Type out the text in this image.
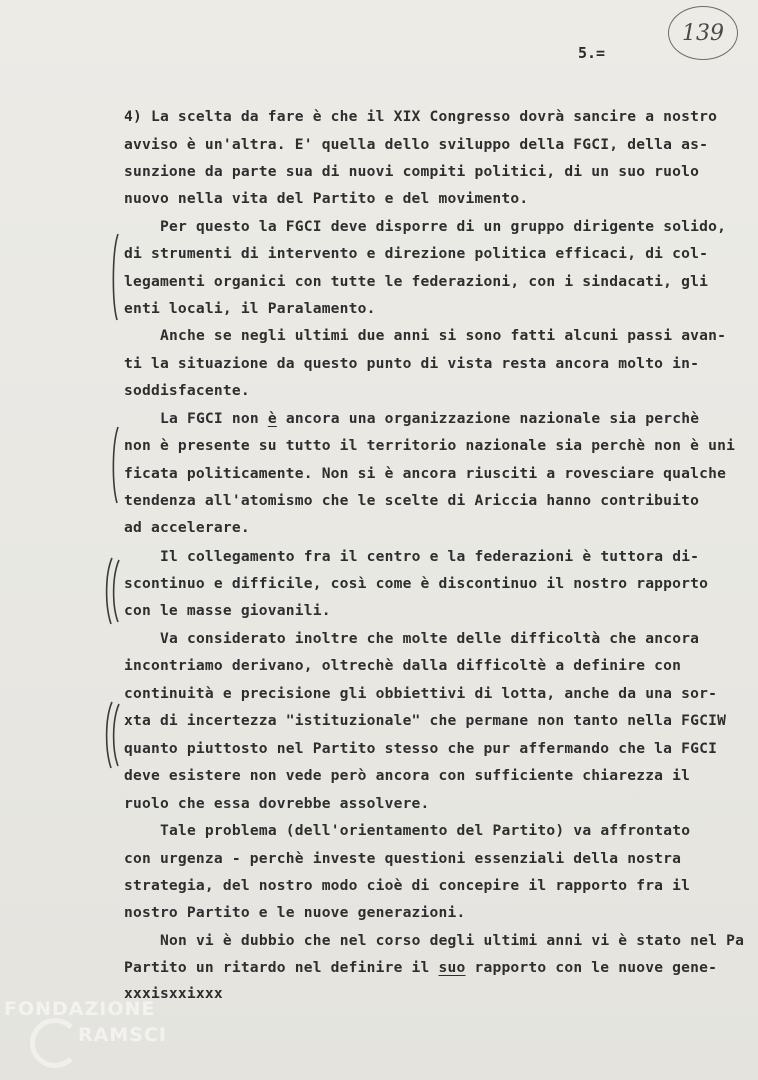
139
5.=
4) La scelta da fare è che il XIX Congresso dovrà sancire a nostro
avviso è un'altra. E' quella dello sviluppo della FGCI, della as-
sunzione da parte sua di nuovi compiti politici, di un suo ruolo
nuovo nella vita del Partito e del movimento.
Per questo la FGCI deve disporre di un gruppo dirigente solido,
di strumenti di intervento e direzione politica efficaci, di col-
legamenti organici con tutte le federazioni, con i sindacati, gli
enti locali, il Paralamento.
Anche se negli ultimi due anni si sono fatti alcuni passi avan-
ti la situazione da questo punto di vista resta ancora molto in-
soddisfacente.
La FGCI non è ancora una organizzazione nazionale sia perchè
non è presente su tutto il territorio nazionale sia perchè non è uni
ficata politicamente. Non si è ancora riusciti a rovesciare qualche
tendenza all'atomismo che le scelte di Ariccia hanno contribuito
ad accelerare.
Il collegamento fra il centro e la federazioni è tuttora di-
scontinuo e difficile, così come è discontinuo il nostro rapporto
con le masse giovanili.
Va considerato inoltre che molte delle difficoltà che ancora
incontriamo derivano, oltrechè dalla difficoltè a definire con
continuità e precisione gli obbiettivi di lotta, anche da una sor-
xta di incertezza "istituzionale" che permane non tanto nella FGCIW
quanto piuttosto nel Partito stesso che pur affermando che la FGCI
deve esistere non vede però ancora con sufficiente chiarezza il
ruolo che essa dovrebbe assolvere.
Tale problema (dell'orientamento del Partito) va affrontato
con urgenza - perchè investe questioni essenziali della nostra
strategia, del nostro modo cioè di concepire il rapporto fra il
nostro Partito e le nuove generazioni.
Non vi è dubbio che nel corso degli ultimi anni vi è stato nel Pa
Partito un ritardo nel definire il suo rapporto con le nuove gene-
xxxisxxixxx
FONDAZIONE
RAMSCI
